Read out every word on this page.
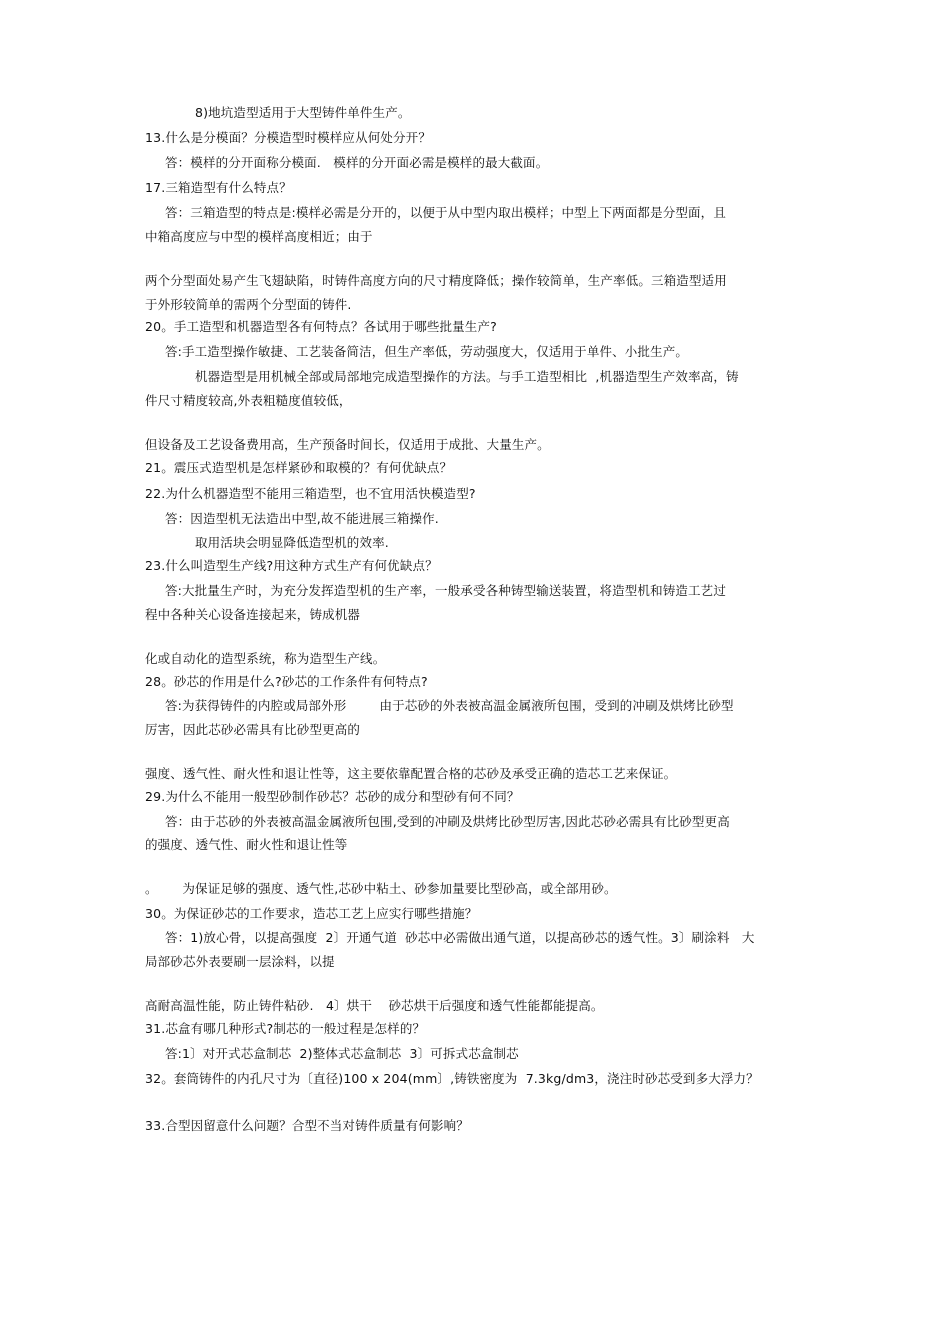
8)地坑造型适用于大型铸件单件生产。
13.什么是分模面？分模造型时模样应从何处分开？
答：模样的分开面称分模面.   模样的分开面必需是模样的最大截面。
17.三箱造型有什么特点？
答：三箱造型的特点是:模样必需是分开的，以便于从中型内取出模样；中型上下两面都是分型面，且
中箱高度应与中型的模样高度相近；由于
两个分型面处易产生飞翅缺陷，时铸件高度方向的尺寸精度降低；操作较简单，生产率低。三箱造型适用
于外形较简单的需两个分型面的铸件.
20。手工造型和机器造型各有何特点？各试用于哪些批量生产?
答:手工造型操作敏捷、工艺装备简洁，但生产率低，劳动强度大，仅适用于单件、小批生产。
机器造型是用机械全部或局部地完成造型操作的方法。与手工造型相比  ,机器造型生产效率高，铸
件尺寸精度较高,外表粗糙度值较低，
但设备及工艺设备费用高，生产预备时间长，仅适用于成批、大量生产。
21。震压式造型机是怎样紧砂和取模的？有何优缺点？
22.为什么机器造型不能用三箱造型，也不宜用活快模造型?
答：因造型机无法造出中型,故不能进展三箱操作.
取用活块会明显降低造型机的效率.
23.什么叫造型生产线?用这种方式生产有何优缺点？
答:大批量生产时，为充分发挥造型机的生产率，一般承受各种铸型输送装置，将造型机和铸造工艺过
程中各种关心设备连接起来，铸成机器
化或自动化的造型系统，称为造型生产线。
28。砂芯的作用是什么?砂芯的工作条件有何特点?
答:为获得铸件的内腔或局部外形        由于芯砂的外表被高温金属液所包围，受到的冲刷及烘烤比砂型
厉害，因此芯砂必需具有比砂型更高的
强度、透气性、耐火性和退让性等，这主要依靠配置合格的芯砂及承受正确的造芯工艺来保证。
29.为什么不能用一般型砂制作砂芯？芯砂的成分和型砂有何不同？
答：由于芯砂的外表被高温金属液所包围,受到的冲刷及烘烤比砂型厉害,因此芯砂必需具有比砂型更高
的强度、透气性、耐火性和退让性等
。      为保证足够的强度、透气性,芯砂中粘土、砂参加量要比型砂高，或全部用砂。
30。为保证砂芯的工作要求，造芯工艺上应实行哪些措施？
答：1)放心骨，以提高强度  2〕开通气道  砂芯中必需做出通气道，以提高砂芯的透气性。3〕刷涂料   大
局部砂芯外表要刷一层涂料，以提
高耐高温性能，防止铸件粘砂.   4〕烘干    砂芯烘干后强度和透气性能都能提高。
31.芯盒有哪几种形式?制芯的一般过程是怎样的？
答:1〕对开式芯盒制芯  2)整体式芯盒制芯  3〕可拆式芯盒制芯
32。套筒铸件的内孔尺寸为〔直径)100 x 204(mm〕,铸铁密度为  7.3kg/dm3，浇注时砂芯受到多大浮力？
33.合型因留意什么问题？合型不当对铸件质量有何影响？
